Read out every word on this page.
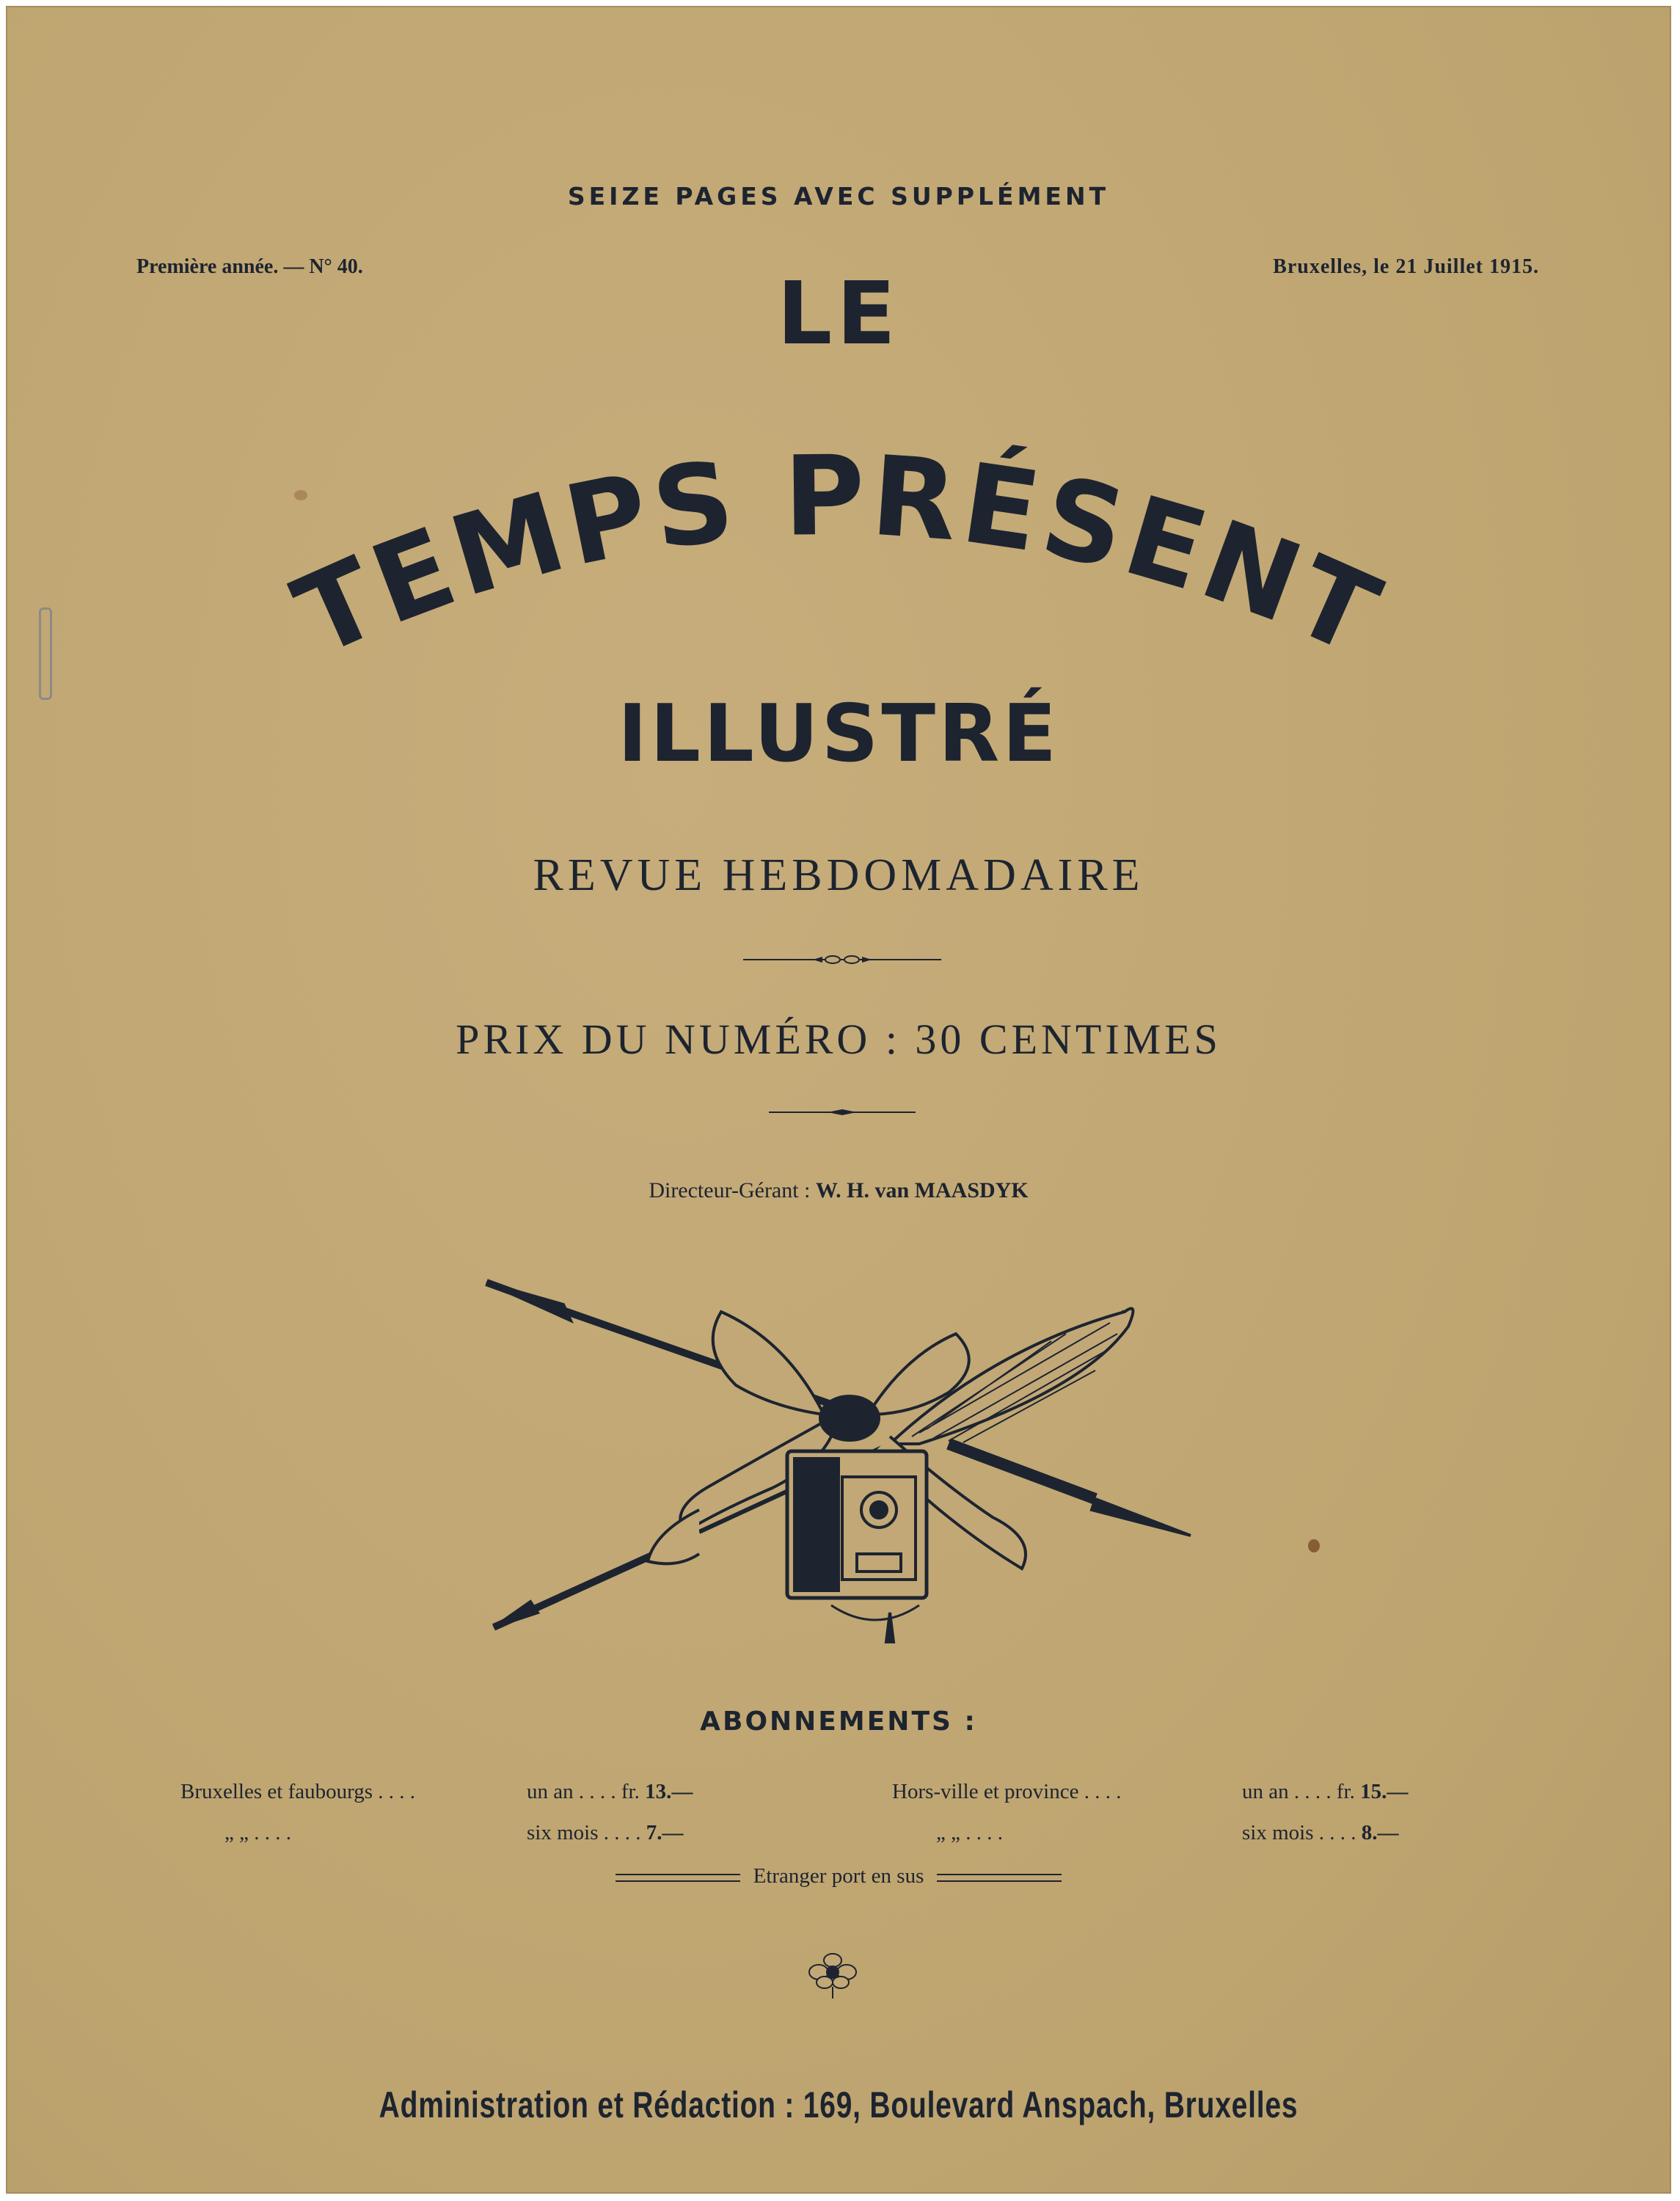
SEIZE PAGES AVEC SUPPLÉMENT
Première année. — N° 40.	Bruxelles, le 21 Juillet 1915.
LE
TEMPS PRÉSENT
ILLUSTRÉ
REVUE HEBDOMADAIRE
PRIX DU NUMÉRO : 30 CENTIMES
Directeur-Gérant : W. H. van MAASDYK
ABONNEMENTS :
Bruxelles et faubourgs . . . .	un an . . . . fr. 13.—	Hors-ville et province . . . .	un an . . . . fr. 15.—
„ „ . . . .	six mois . . . . 7.—	„ „ . . . .	six mois . . . . 8.—
Etranger port en sus
Administration et Rédaction : 169, Boulevard Anspach, Bruxelles
